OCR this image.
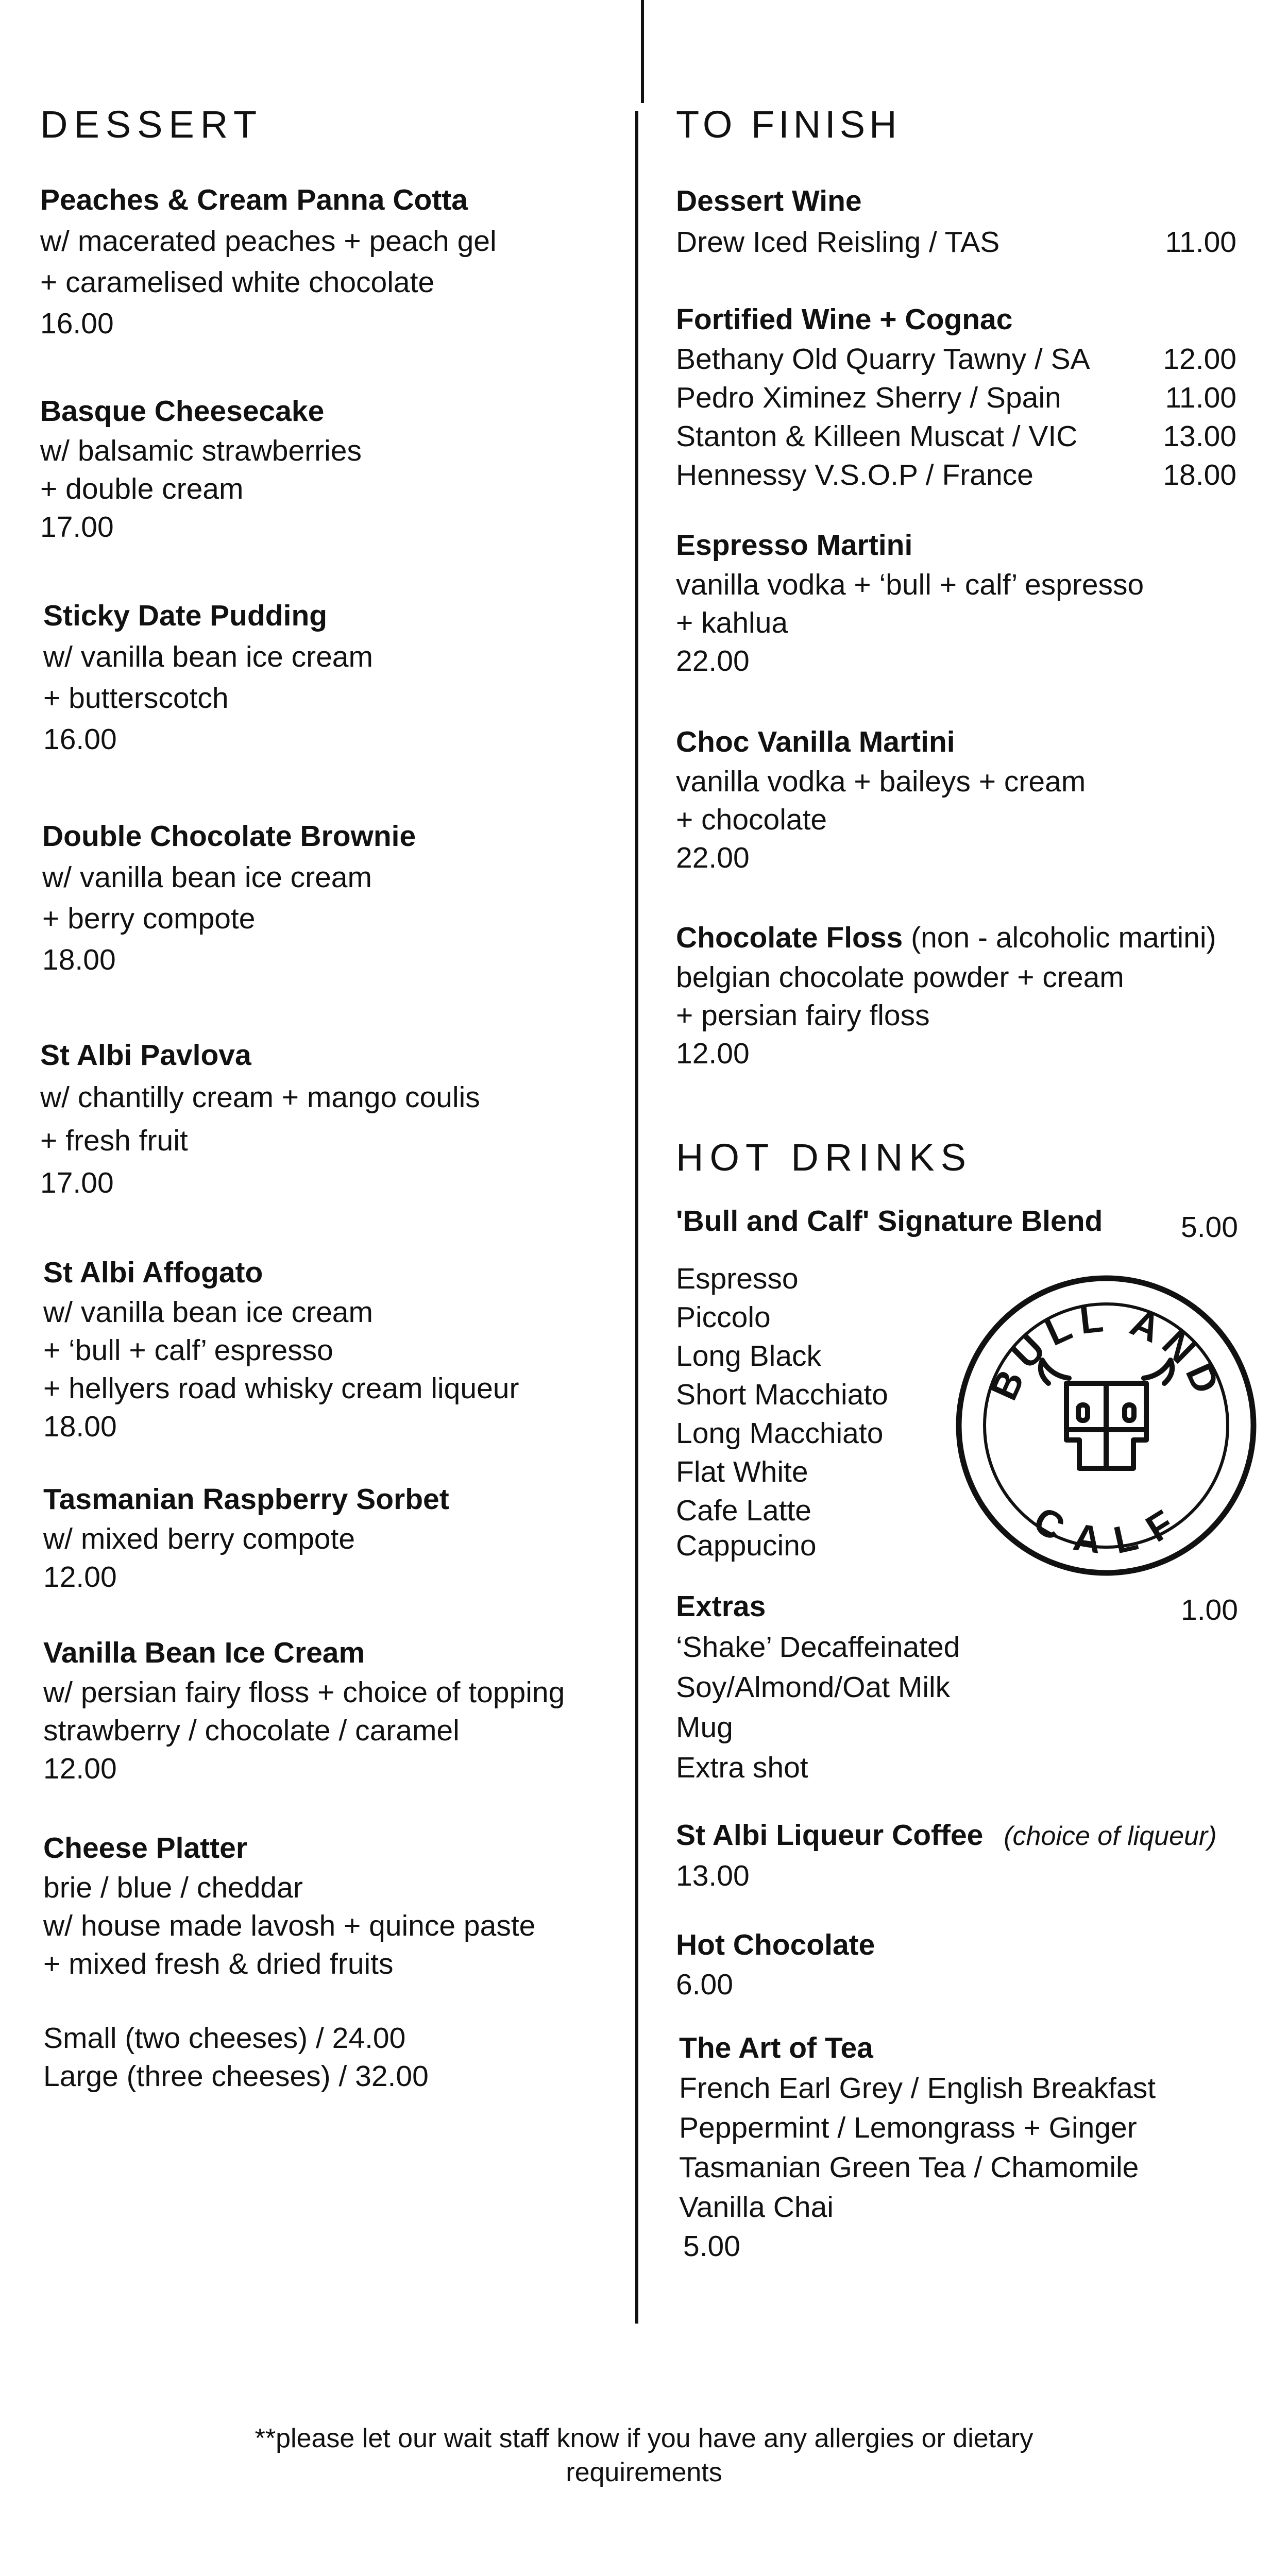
DESSERT
Peaches & Cream Panna Cotta
w/ macerated peaches + peach gel
+ caramelised white chocolate
16.00
Basque Cheesecake
w/ balsamic strawberries
+ double cream
17.00
Sticky Date Pudding
w/ vanilla bean ice cream
+ butterscotch
16.00
Double Chocolate Brownie
w/ vanilla bean ice cream
+ berry compote
18.00
St Albi Pavlova
w/ chantilly cream + mango coulis
+ fresh fruit
17.00
St Albi Affogato
w/ vanilla bean ice cream
+ ‘bull + calf’ espresso
+ hellyers road whisky cream liqueur
18.00
Tasmanian Raspberry Sorbet
w/ mixed berry compote
12.00
Vanilla Bean Ice Cream
w/ persian fairy floss + choice of topping
strawberry / chocolate / caramel
12.00
Cheese Platter
brie / blue / cheddar
w/ house made lavosh + quince paste
+ mixed fresh & dried fruits
Small (two cheeses) / 24.00
Large (three cheeses) / 32.00
TO FINISH
Dessert Wine
Drew Iced Reisling / TAS	11.00
Fortified Wine + Cognac
Bethany Old Quarry Tawny / SA 12.00
Pedro Ximinez Sherry / Spain	11.00
Stanton & Killeen Muscat / VIC	13.00
Hennessy V.S.O.P / France	18.00
Espresso Martini
vanilla vodka + ‘bull + calf’ espresso
+ kahlua
22.00
Choc Vanilla Martini
vanilla vodka + baileys + cream
+ chocolate
22.00
Chocolate Floss (non - alcoholic martini)
belgian chocolate powder + cream
+ persian fairy floss
12.00
HOT DRINKS
'Bull and Calf' Signature Blend	5.00
Espresso
Piccolo
Long Black
Short Macchiato
Long Macchiato
Flat White
Cafe Latte
Cappucino
Extras
‘Shake’ Decaffeinated
Soy/Almond/Oat Milk
Mug
Extra shot
1.00
St Albi Liqueur Coffee (choice of liqueur)
13.00
Hot Chocolate
6.00
The Art of Tea
French Earl Grey / English Breakfast
Peppermint / Lemongrass + Ginger
Tasmanian Green Tea / Chamomile
Vanilla Chai
5.00
BULL AND
CALF
**please let our wait staff know if you have any allergies or dietary
requirements
